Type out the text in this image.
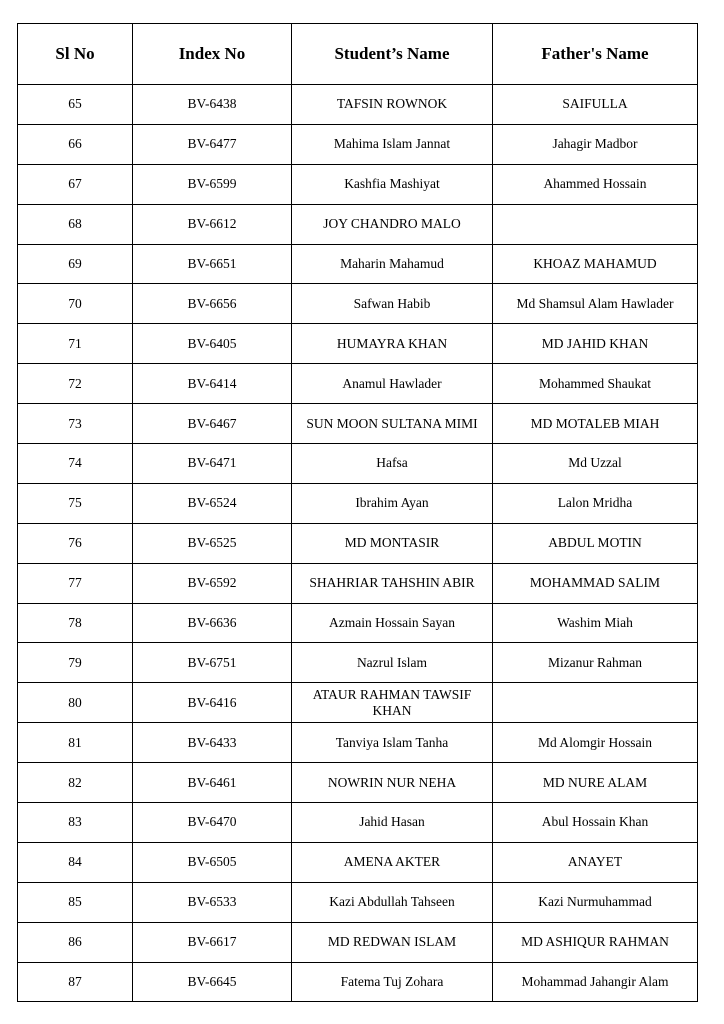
Sl No	Index No	Student’s Name	Father's Name
65	BV-6438	TAFSIN ROWNOK	SAIFULLA
66	BV-6477	Mahima Islam Jannat	Jahagir Madbor
67	BV-6599	Kashfia Mashiyat	Ahammed Hossain
68	BV-6612	JOY CHANDRO MALO	
69	BV-6651	Maharin Mahamud	KHOAZ MAHAMUD
70	BV-6656	Safwan Habib	Md Shamsul Alam Hawlader
71	BV-6405	HUMAYRA KHAN	MD JAHID KHAN
72	BV-6414	Anamul Hawlader	Mohammed Shaukat
73	BV-6467	SUN MOON SULTANA MIMI	MD MOTALEB MIAH
74	BV-6471	Hafsa	Md Uzzal
75	BV-6524	Ibrahim Ayan	Lalon Mridha
76	BV-6525	MD MONTASIR	ABDUL MOTIN
77	BV-6592	SHAHRIAR TAHSHIN ABIR	MOHAMMAD SALIM
78	BV-6636	Azmain Hossain Sayan	Washim Miah
79	BV-6751	Nazrul Islam	Mizanur Rahman
80	BV-6416	ATAUR RAHMAN TAWSIF KHAN	
81	BV-6433	Tanviya Islam Tanha	Md Alomgir Hossain
82	BV-6461	NOWRIN NUR NEHA	MD NURE ALAM
83	BV-6470	Jahid Hasan	Abul Hossain Khan
84	BV-6505	AMENA AKTER	ANAYET
85	BV-6533	Kazi Abdullah Tahseen	Kazi Nurmuhammad
86	BV-6617	MD REDWAN ISLAM	MD ASHIQUR RAHMAN
87	BV-6645	Fatema Tuj Zohara	Mohammad Jahangir Alam
